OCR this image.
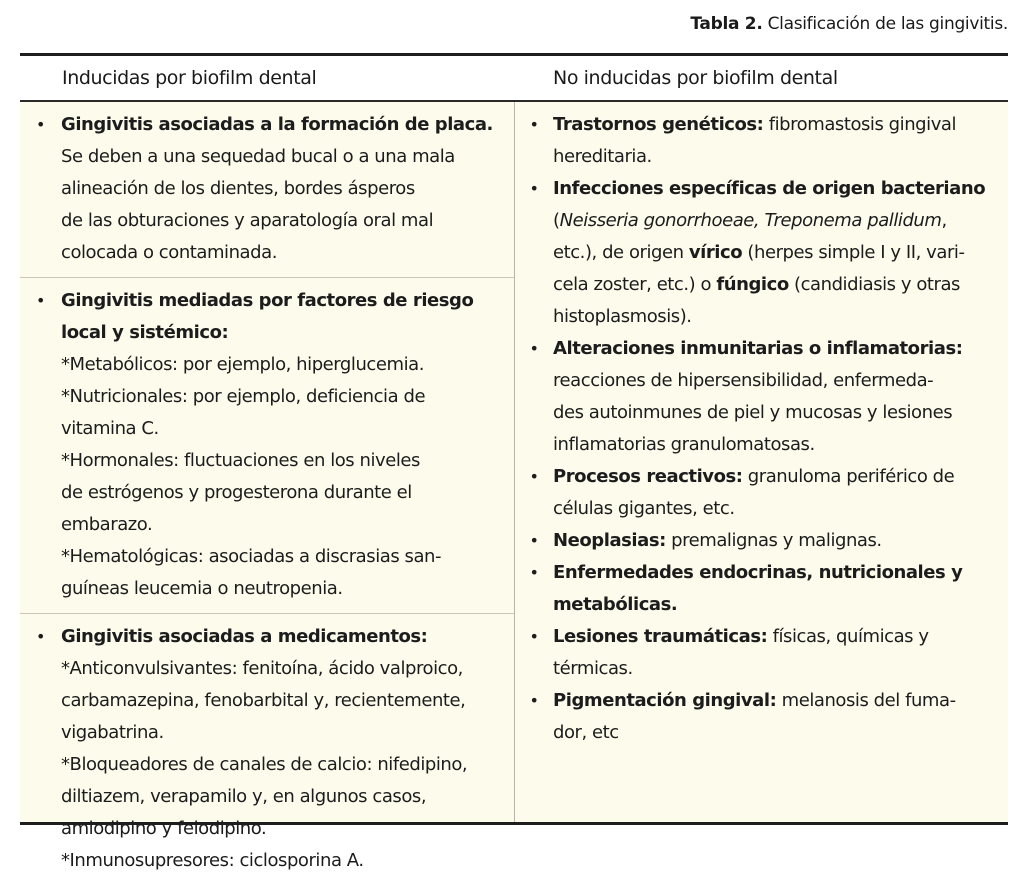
Tabla 2. Clasificación de las gingivitis.
Inducidas por biofilm dental	No inducidas por biofilm dental
• Gingivitis asociadas a la formación de placa.
Se deben a una sequedad bucal o a una mala
alineación de los dientes, bordes ásperos
de las obturaciones y aparatología oral mal
colocada o contaminada.
• Gingivitis mediadas por factores de riesgo
local y sistémico:
*Metabólicos: por ejemplo, hiperglucemia.
*Nutricionales: por ejemplo, deficiencia de
vitamina C.
*Hormonales: fluctuaciones en los niveles
de estrógenos y progesterona durante el
embarazo.
*Hematológicas: asociadas a discrasias san-
guíneas leucemia o neutropenia.
• Gingivitis asociadas a medicamentos:
*Anticonvulsivantes: fenitoína, ácido valproico,
carbamazepina, fenobarbital y, recientemente,
vigabatrina.
*Bloqueadores de canales de calcio: nifedipino,
diltiazem, verapamilo y, en algunos casos,
amlodipino y felodipino.
*Inmunosupresores: ciclosporina A.
• Trastornos genéticos: fibromastosis gingival
hereditaria.
• Infecciones específicas de origen bacteriano
(Neisseria gonorrhoeae, Treponema pallidum,
etc.), de origen vírico (herpes simple I y II, vari-
cela zoster, etc.) o fúngico (candidiasis y otras
histoplasmosis).
• Alteraciones inmunitarias o inflamatorias:
reacciones de hipersensibilidad, enfermeda-
des autoinmunes de piel y mucosas y lesiones
inflamatorias granulomatosas.
• Procesos reactivos: granuloma periférico de
células gigantes, etc.
• Neoplasias: premalignas y malignas.
• Enfermedades endocrinas, nutricionales y
metabólicas.
• Lesiones traumáticas: físicas, químicas y
térmicas.
• Pigmentación gingival: melanosis del fuma-
dor, etc
